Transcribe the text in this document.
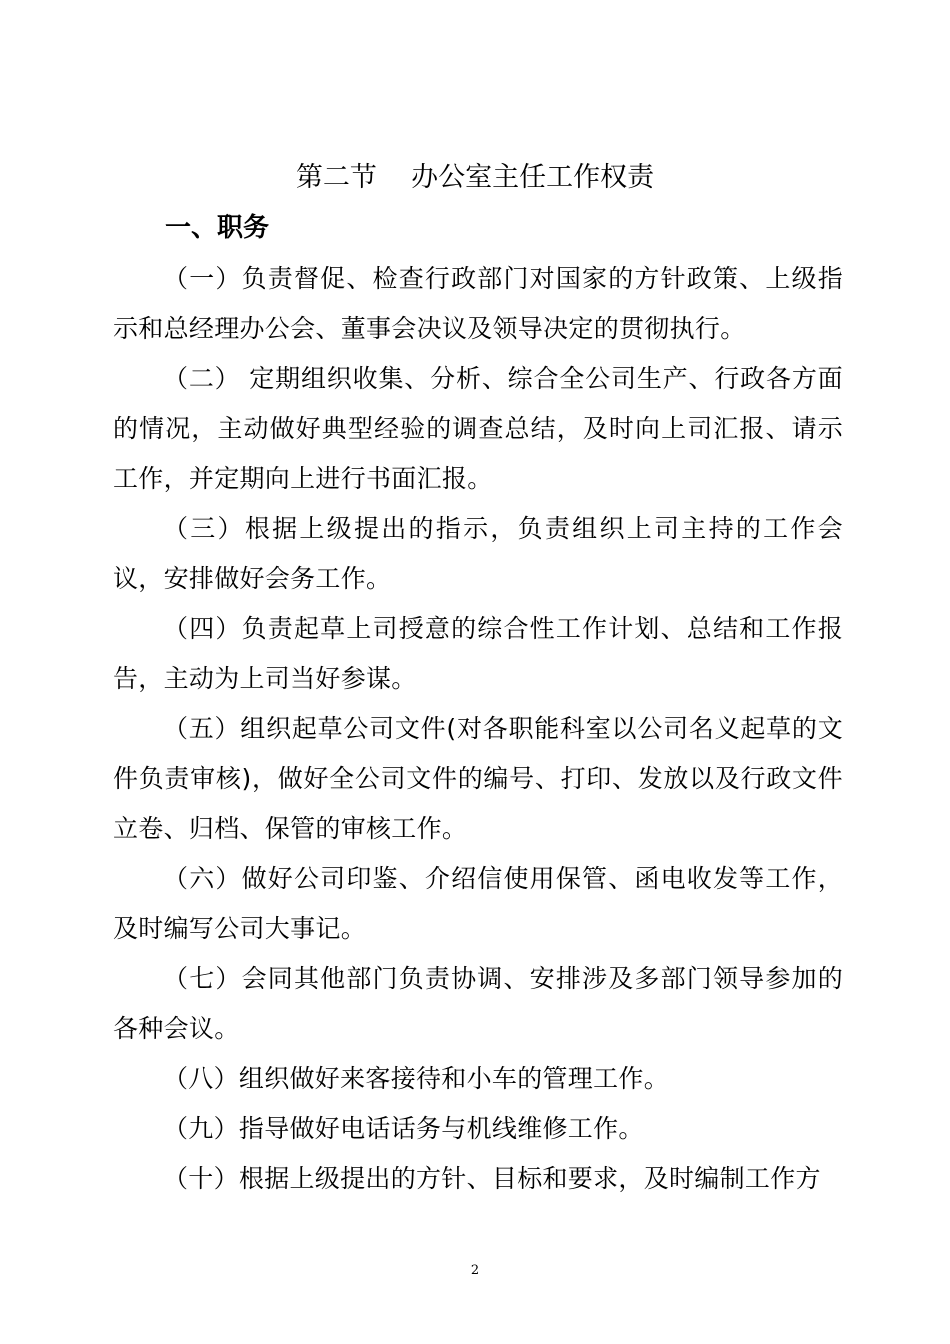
第二节    办公室主任工作权责
一、职务

（一）负责督促、检查行政部门对国家的方针政策、上级指示和总经理办公会、董事会决议及领导决定的贯彻执行。

（二） 定期组织收集、分析、综合全公司生产、行政各方面的情况，主动做好典型经验的调查总结，及时向上司汇报、请示工作，并定期向上进行书面汇报。

（三）根据上级提出的指示，负责组织上司主持的工作会议，安排做好会务工作。

（四）负责起草上司授意的综合性工作计划、总结和工作报告，主动为上司当好参谋。

（五）组织起草公司文件(对各职能科室以公司名义起草的文件负责审核)，做好全公司文件的编号、打印、发放以及行政文件立卷、归档、保管的审核工作。

（六）做好公司印鉴、介绍信使用保管、函电收发等工作，及时编写公司大事记。

（七）会同其他部门负责协调、安排涉及多部门领导参加的各种会议。

（八）组织做好来客接待和小车的管理工作。

（九）指导做好电话话务与机线维修工作。

（十）根据上级提出的方针、目标和要求，及时编制工作方

2
